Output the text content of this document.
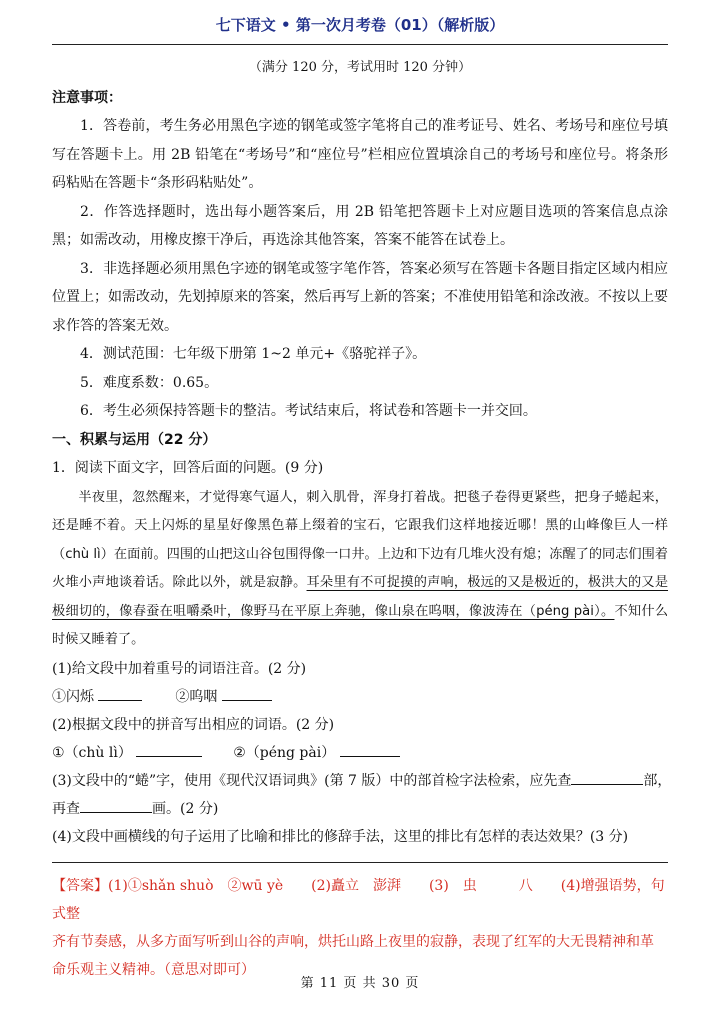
七下语文 • 第一次月考卷（01）（解析版）
（满分 120 分，考试用时 120 分钟）

注意事项：

1．答卷前，考生务必用黑色字迹的钢笔或签字笔将自己的准考证号、姓名、考场号和座位号填写在答题卡上。用 2B 铅笔在“考场号”和“座位号”栏相应位置填涂自己的考场号和座位号。将条形码粘贴在答题卡“条形码粘贴处”。

2．作答选择题时，选出每小题答案后，用 2B 铅笔把答题卡上对应题目选项的答案信息点涂黑；如需改动，用橡皮擦干净后，再选涂其他答案，答案不能答在试卷上。

3．非选择题必须用黑色字迹的钢笔或签字笔作答，答案必须写在答题卡各题目指定区域内相应位置上；如需改动，先划掉原来的答案，然后再写上新的答案；不准使用铅笔和涂改液。不按以上要求作答的答案无效。

4．测试范围：七年级下册第 1~2 单元+《骆驼祥子》。

5．难度系数：0.65。

6．考生必须保持答题卡的整洁。考试结束后，将试卷和答题卡一并交回。

一、积累与运用（22 分）

1．阅读下面文字，回答后面的问题。(9 分)

半夜里，忽然醒来，才觉得寒气逼人，刺入肌骨，浑身打着战。把毯子卷得更紧些，把身子蜷起来，还是睡不着。天上闪烁的星星好像黑色幕上缀着的宝石，它跟我们这样地接近哪！黑的山峰像巨人一样（chù lì）在面前。四围的山把这山谷包围得像一口井。上边和下边有几堆火没有熄；冻醒了的同志们围着火堆小声地谈着话。除此以外，就是寂静。耳朵里有不可捉摸的声响，极远的又是极近的，极洪大的又是极细切的，像春蚕在咀嚼桑叶，像野马在平原上奔驰，像山泉在呜咽，像波涛在（péng pài）。不知什么时候又睡着了。

(1)给文段中加着重号的词语注音。(2 分)

①闪烁	②呜咽

(2)根据文段中的拼音写出相应的词语。(2 分)

①（chù lì）	②（péng pài）

(3)文段中的“蜷”字，使用《现代汉语词典》(第 7 版）中的部首检字法检索，应先查	部，

再查	画。(2 分)

(4)文段中画横线的句子运用了比喻和排比的修辞手法，这里的排比有怎样的表达效果？(3 分)

【答案】(1)①shǎn shuò　②wū yè　　(2)矗立　澎湃　　(3)　虫　　　八　　(4)增强语势，句式整
齐有节奏感，从多方面写听到山谷的声响，烘托山路上夜里的寂静，表现了红军的大无畏精神和革
命乐观主义精神。（意思对即可）
第 11 页 共 30 页
